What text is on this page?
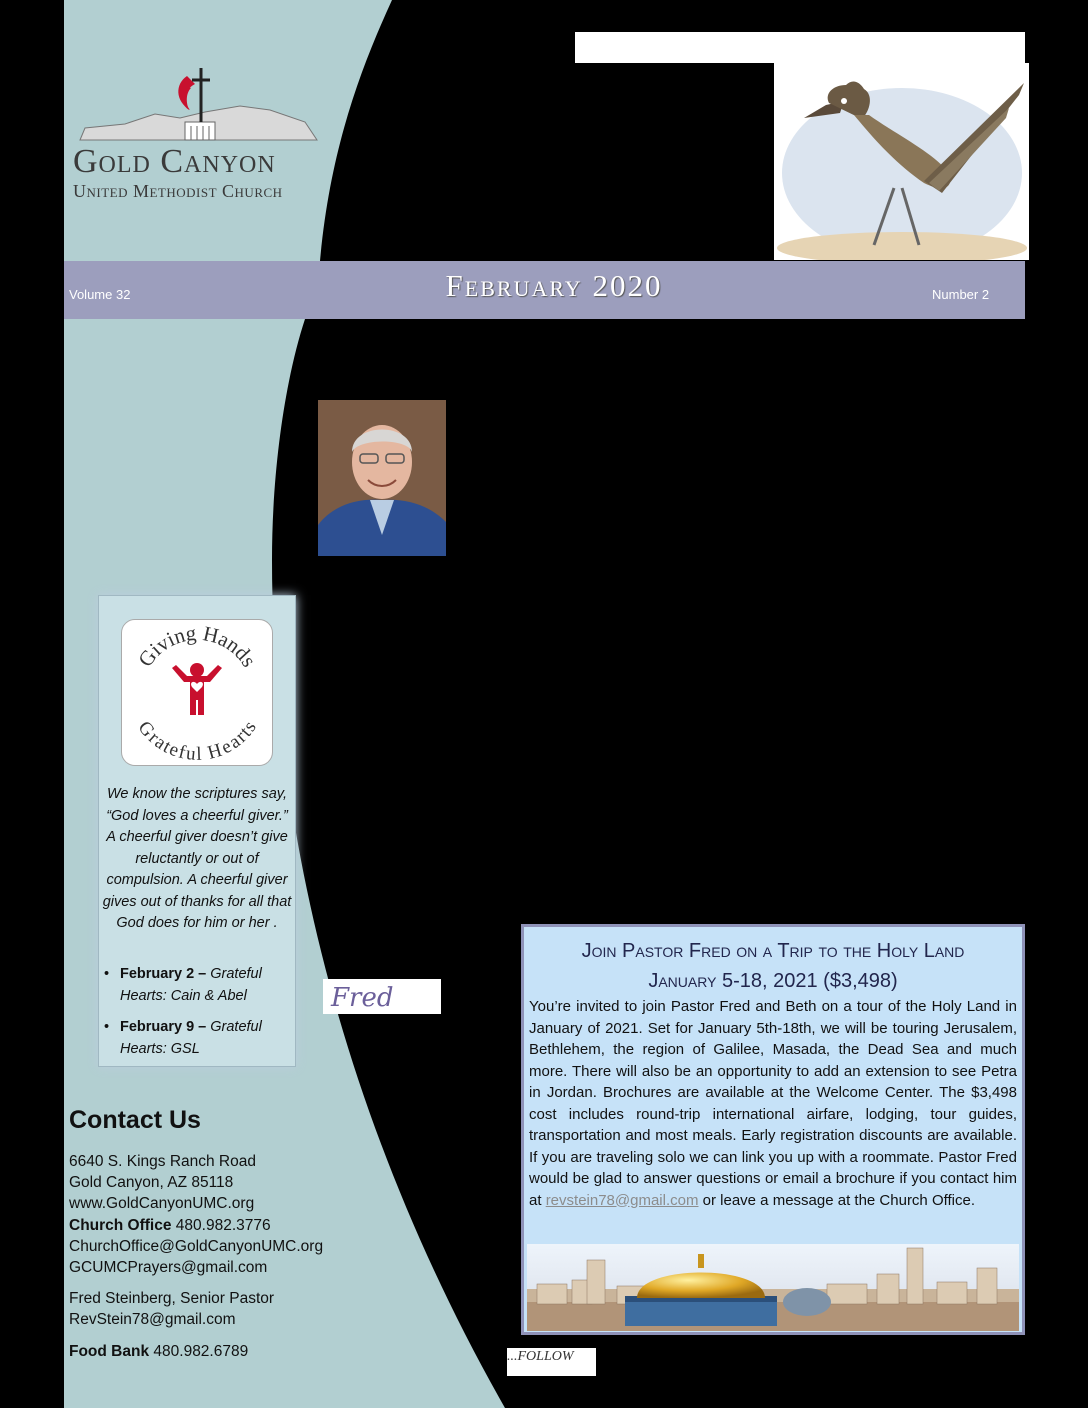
Gold Canyon
United Methodist Church
Volume 32	February 2020	Number 2
Giving Hands
Grateful Hearts
We know the scriptures say, “God loves a cheerful giver.” A cheerful giver doesn’t give reluctantly or out of compulsion. A cheerful giver gives out of thanks for all that God does for him or her .
• February 2 – Grateful Hearts: Cain & Abel
• February 9 – Grateful Hearts: GSL
Fred
Contact Us
6640 S. Kings Ranch Road
Gold Canyon, AZ 85118
www.GoldCanyonUMC.org
Church Office 480.982.3776
ChurchOffice@GoldCanyonUMC.org
GCUMCPrayers@gmail.com
Fred Steinberg, Senior Pastor
RevStein78@gmail.com
Food Bank 480.982.6789
Join Pastor Fred on a Trip to the Holy Land
January 5-18, 2021 ($3,498)
You’re invited to join Pastor Fred and Beth on a tour of the Holy Land in January of 2021. Set for January 5th-18th, we will be touring Jerusalem, Bethlehem, the region of Galilee, Masada, the Dead Sea and much more. There will also be an opportunity to add an extension to see Petra in Jordan. Brochures are available at the Welcome Center. The $3,498 cost includes round-trip international airfare, lodging, tour guides, transportation and most meals. Early registration discounts are available. If you are traveling solo we can link you up with a roommate. Pastor Fred would be glad to answer questions or email a brochure if you contact him at revstein78@gmail.com or leave a message at the Church Office.
...FOLLOW
